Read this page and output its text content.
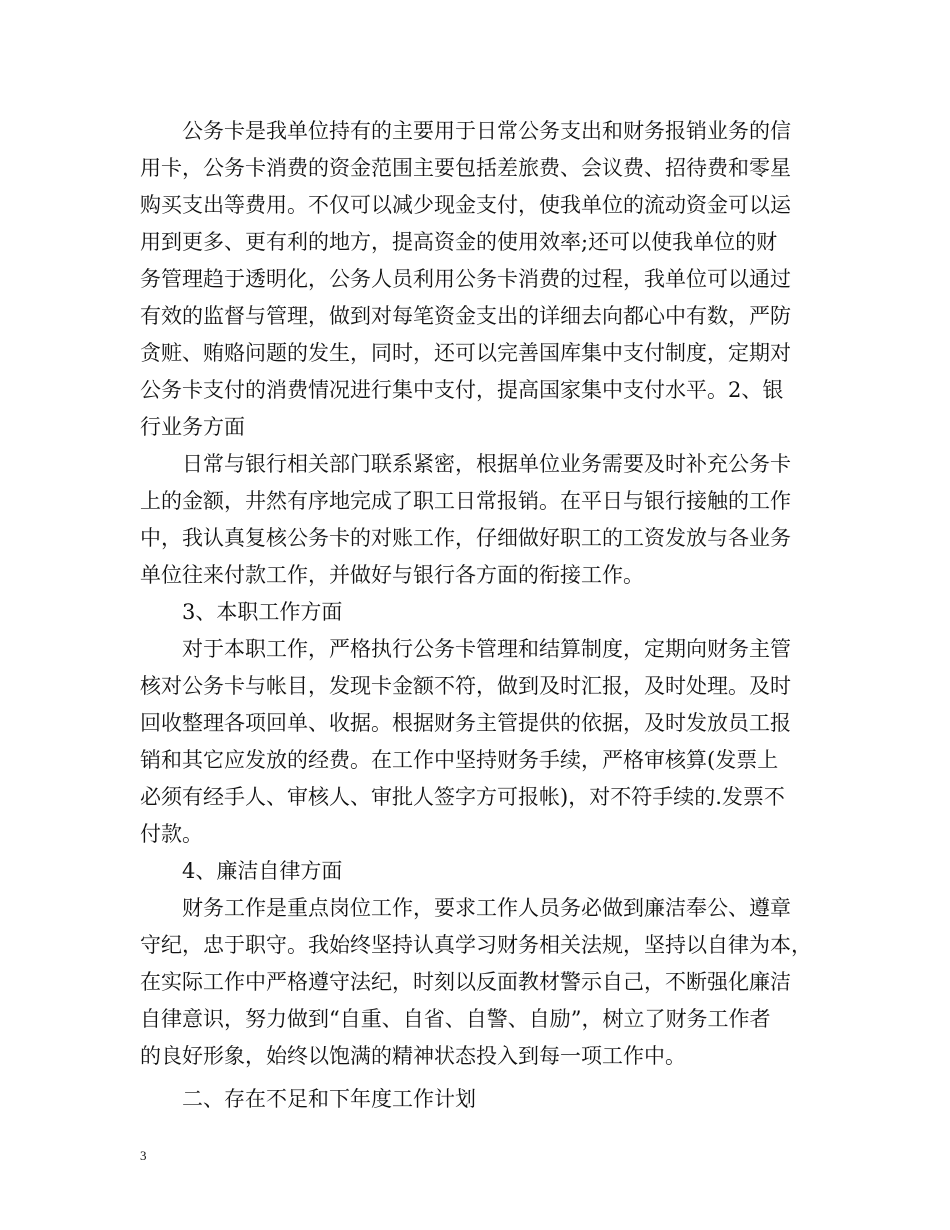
公务卡是我单位持有的主要用于日常公务支出和财务报销业务的信
用卡，公务卡消费的资金范围主要包括差旅费、会议费、招待费和零星
购买支出等费用。不仅可以减少现金支付，使我单位的流动资金可以运
用到更多、更有利的地方，提高资金的使用效率;还可以使我单位的财
务管理趋于透明化，公务人员利用公务卡消费的过程，我单位可以通过
有效的监督与管理，做到对每笔资金支出的详细去向都心中有数，严防
贪赃、贿赂问题的发生，同时，还可以完善国库集中支付制度，定期对
公务卡支付的消费情况进行集中支付，提高国家集中支付水平。2、银
行业务方面
日常与银行相关部门联系紧密，根据单位业务需要及时补充公务卡
上的金额，井然有序地完成了职工日常报销。在平日与银行接触的工作
中，我认真复核公务卡的对账工作，仔细做好职工的工资发放与各业务
单位往来付款工作，并做好与银行各方面的衔接工作。
3、本职工作方面
对于本职工作，严格执行公务卡管理和结算制度，定期向财务主管
核对公务卡与帐目，发现卡金额不符，做到及时汇报，及时处理。及时
回收整理各项回单、收据。根据财务主管提供的依据，及时发放员工报
销和其它应发放的经费。在工作中坚持财务手续，严格审核算(发票上
必须有经手人、审核人、审批人签字方可报帐)，对不符手续的.发票不
付款。
4、廉洁自律方面
财务工作是重点岗位工作，要求工作人员务必做到廉洁奉公、遵章
守纪，忠于职守。我始终坚持认真学习财务相关法规，坚持以自律为本，
在实际工作中严格遵守法纪，时刻以反面教材警示自己，不断强化廉洁
自律意识，努力做到“自重、自省、自警、自励”，树立了财务工作者
的良好形象，始终以饱满的精神状态投入到每一项工作中。
二、存在不足和下年度工作计划
3
